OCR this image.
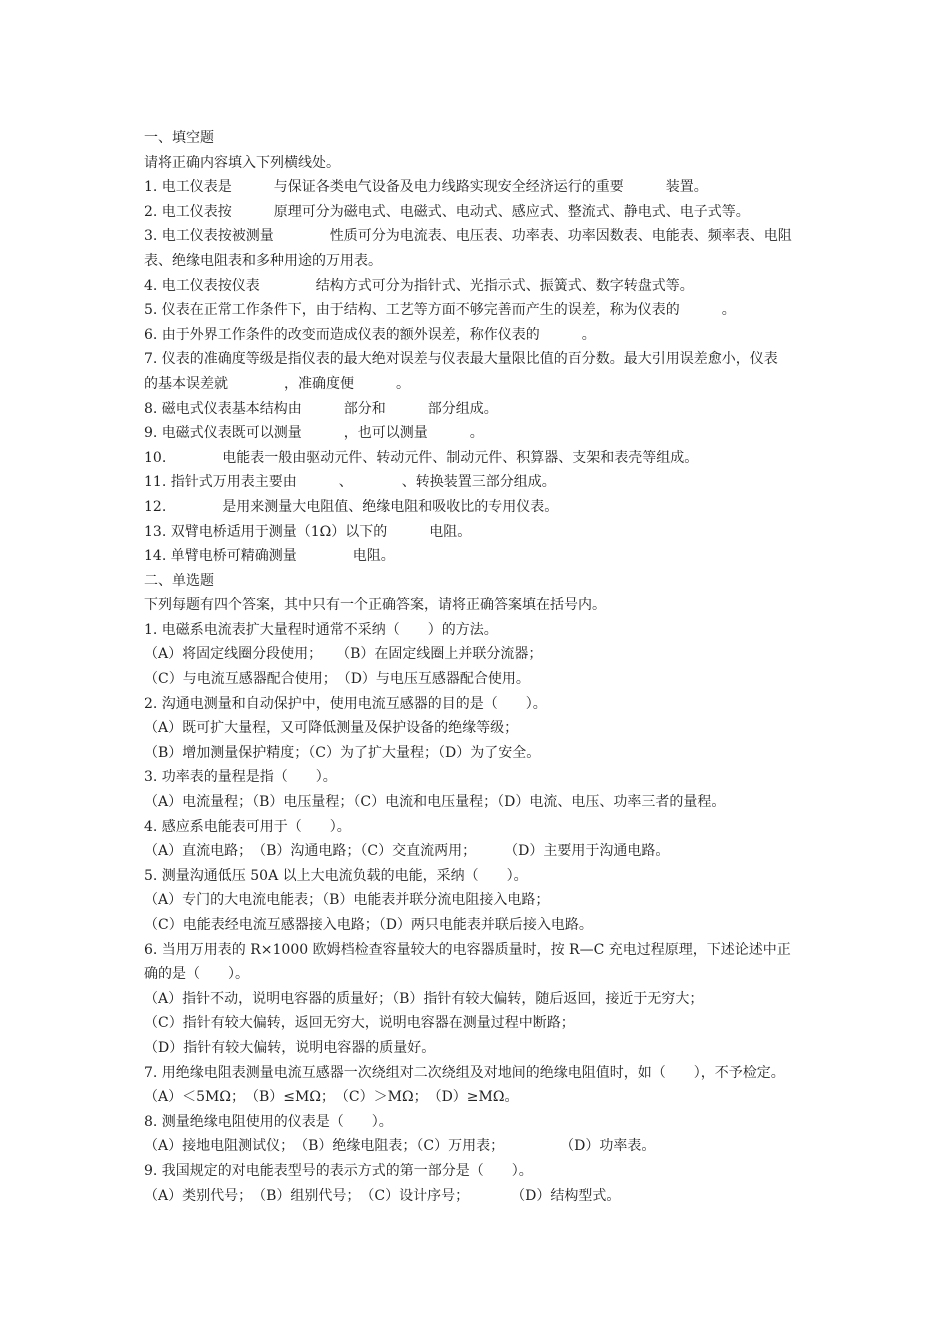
一、填空题
请将正确内容填入下列横线处。
1. 电工仪表是　　　与保证各类电气设备及电力线路实现安全经济运行的重要　　　装置。
2. 电工仪表按　　　原理可分为磁电式、电磁式、电动式、感应式、整流式、静电式、电子式等。
3. 电工仪表按被测量　　　　性质可分为电流表、电压表、功率表、功率因数表、电能表、频率表、电阻
表、绝缘电阻表和多种用途的万用表。
4. 电工仪表按仪表　　　　结构方式可分为指针式、光指示式、振簧式、数字转盘式等。
5. 仪表在正常工作条件下，由于结构、工艺等方面不够完善而产生的误差，称为仪表的　　　。
6. 由于外界工作条件的改变而造成仪表的额外误差，称作仪表的　　　。
7. 仪表的准确度等级是指仪表的最大绝对误差与仪表最大量限比值的百分数。最大引用误差愈小，仪表
的基本误差就　　　　，准确度便　　　。
8. 磁电式仪表基本结构由　　　部分和　　　部分组成。
9. 电磁式仪表既可以测量　　　，也可以测量　　　。
10.　　　　电能表一般由驱动元件、转动元件、制动元件、积算器、支架和表壳等组成。
11. 指针式万用表主要由　　　、　　　　、转换装置三部分组成。
12.　　　　是用来测量大电阻值、绝缘电阻和吸收比的专用仪表。
13. 双臂电桥适用于测量（1Ω）以下的　　　电阻。
14. 单臂电桥可精确测量　　　　电阻。
二、单选题
下列每题有四个答案，其中只有一个正确答案，请将正确答案填在括号内。
1. 电磁系电流表扩大量程时通常不采纳（　　）的方法。
（A）将固定线圈分段使用；　　（B）在固定线圈上并联分流器；
（C）与电流互感器配合使用；　（D）与电压互感器配合使用。
2. 沟通电测量和自动保护中，使用电流互感器的目的是（　　）。
（A）既可扩大量程，又可降低测量及保护设备的绝缘等级；
（B）增加测量保护精度；（C）为了扩大量程；（D）为了安全。
3. 功率表的量程是指（　　）。
（A）电流量程；（B）电压量程；（C）电流和电压量程；（D）电流、电压、功率三者的量程。
4. 感应系电能表可用于（　　）。
（A）直流电路；　（B）沟通电路；（C）交直流两用；　　　（D）主要用于沟通电路。
5. 测量沟通低压 50A 以上大电流负载的电能，采纳（　　）。
（A）专门的大电流电能表；（B）电能表并联分流电阻接入电路；
（C）电能表经电流互感器接入电路；（D）两只电能表并联后接入电路。
6. 当用万用表的 R×1000 欧姆档检查容量较大的电容器质量时，按 R—C 充电过程原理，下述论述中正
确的是（　　）。
（A）指针不动，说明电容器的质量好；（B）指针有较大偏转，随后返回，接近于无穷大；
（C）指针有较大偏转，返回无穷大，说明电容器在测量过程中断路；
（D）指针有较大偏转，说明电容器的质量好。
7. 用绝缘电阻表测量电流互感器一次绕组对二次绕组及对地间的绝缘电阻值时，如（　　），不予检定。
（A）＜5MΩ；　（B）≤MΩ；　（C）＞MΩ；　（D）≥MΩ。
8. 测量绝缘电阻使用的仪表是（　　）。
（A）接地电阻测试仪；　（B）绝缘电阻表；（C）万用表；　　　　　（D）功率表。
9. 我国规定的对电能表型号的表示方式的第一部分是（　　）。
（A）类别代号；　（B）组别代号；　（C）设计序号；　　　　（D）结构型式。
